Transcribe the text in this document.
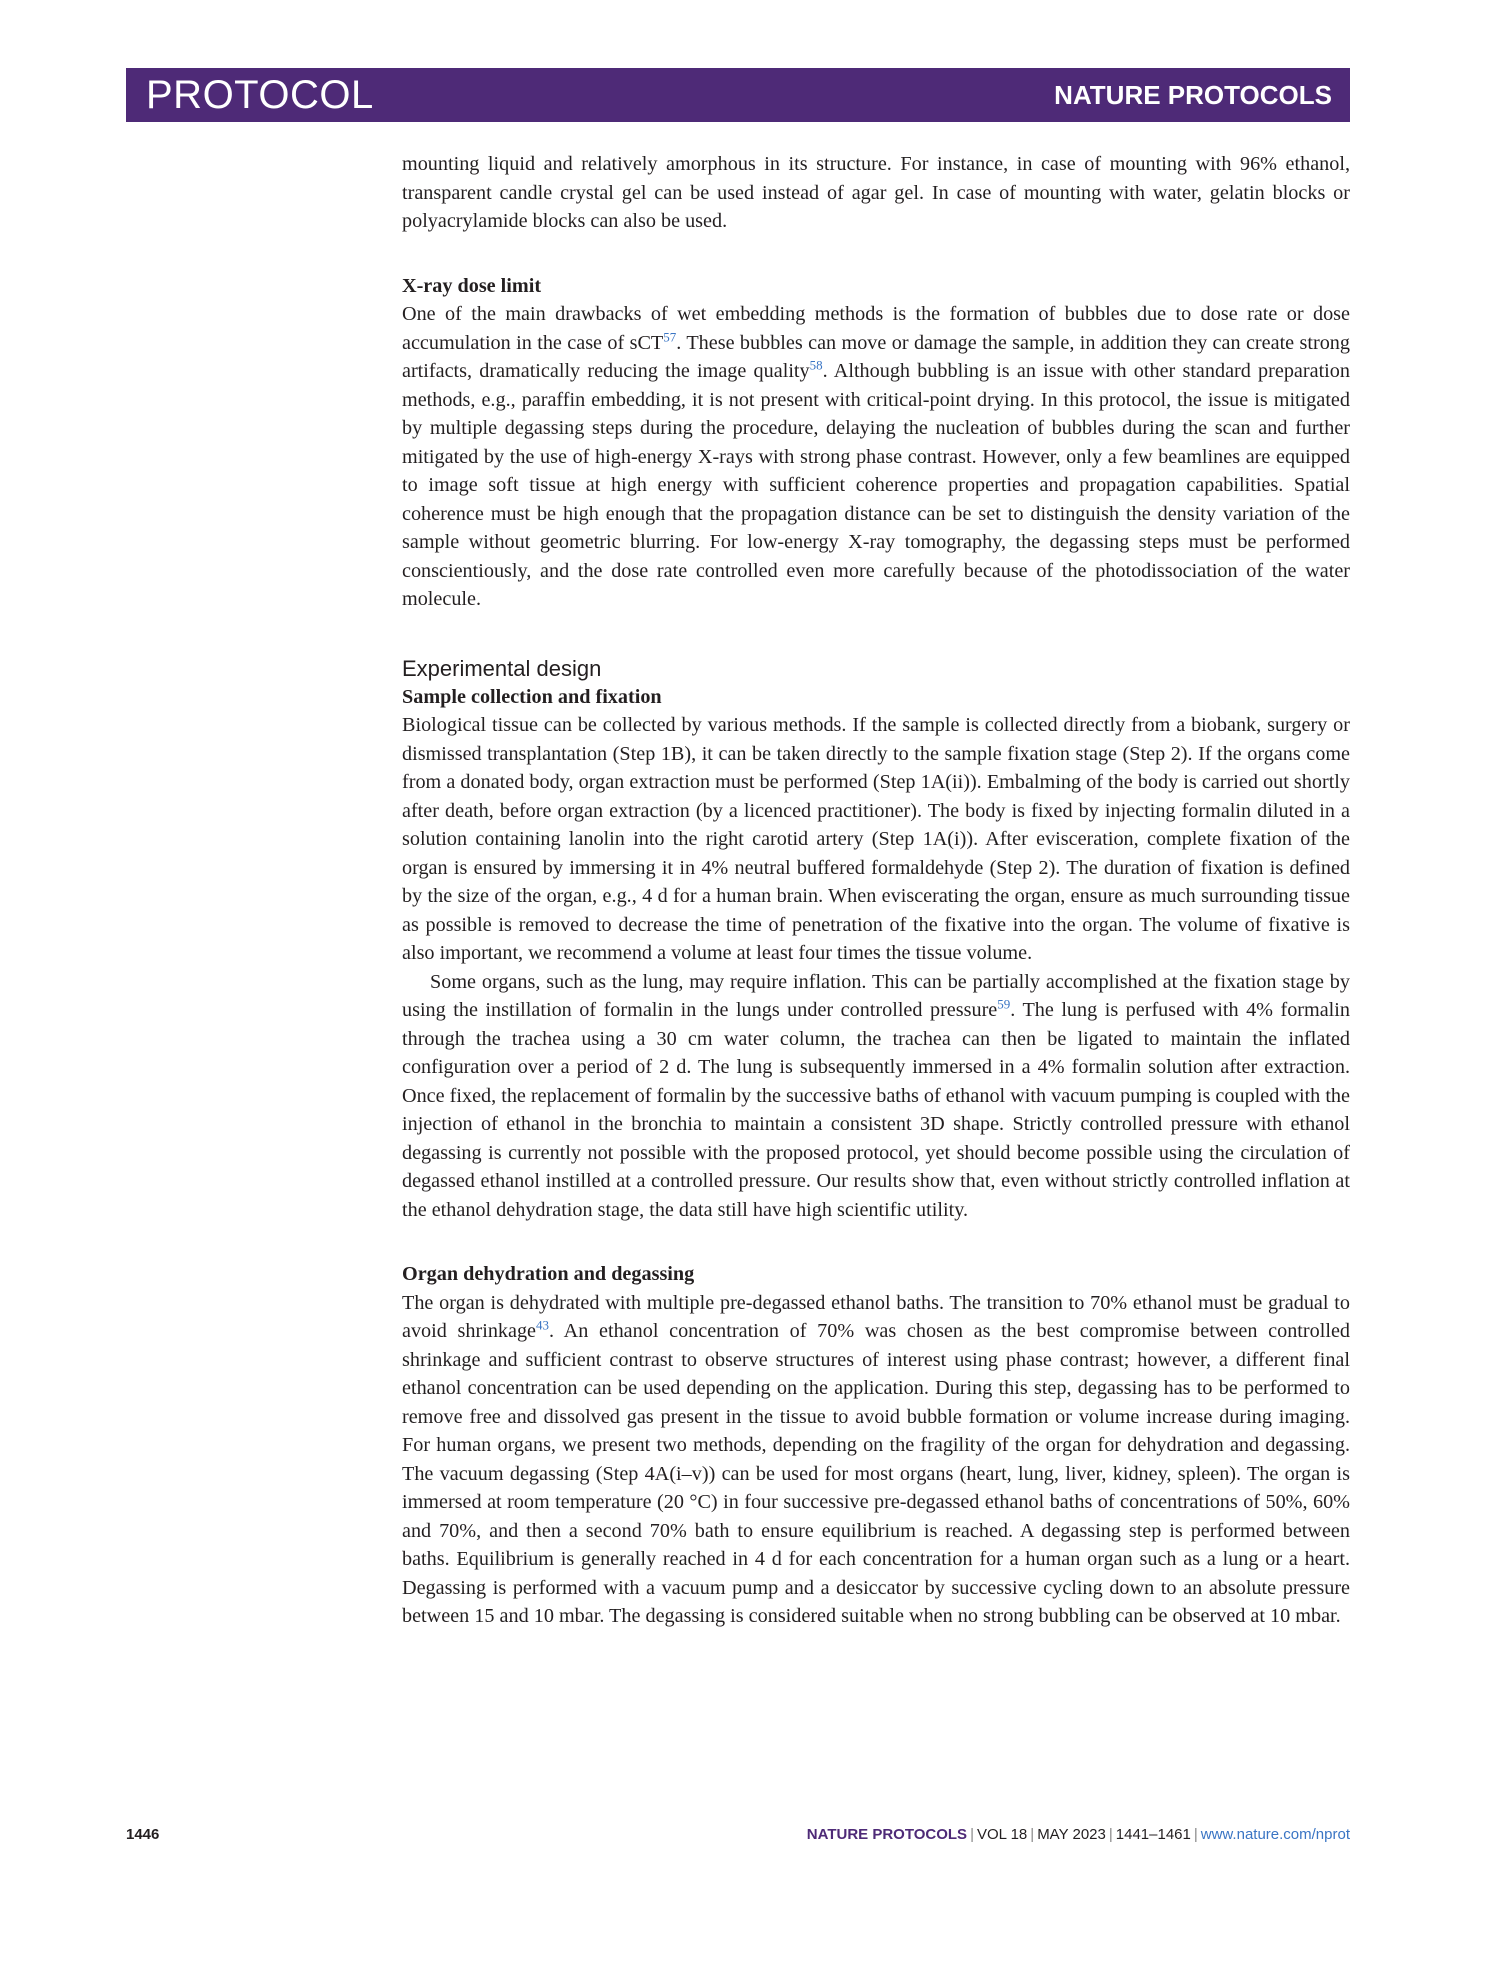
PROTOCOL	NATURE PROTOCOLS

mounting liquid and relatively amorphous in its structure. For instance, in case of mounting with 96% ethanol, transparent candle crystal gel can be used instead of agar gel. In case of mounting with water, gelatin blocks or polyacrylamide blocks can also be used.

X-ray dose limit

One of the main drawbacks of wet embedding methods is the formation of bubbles due to dose rate or dose accumulation in the case of sCT$^{57}$. These bubbles can move or damage the sample, in addition they can create strong artifacts, dramatically reducing the image quality$^{58}$. Although bubbling is an issue with other standard preparation methods, e.g., paraffin embedding, it is not present with critical-point drying. In this protocol, the issue is mitigated by multiple degassing steps during the procedure, delaying the nucleation of bubbles during the scan and further mitigated by the use of high-energy X-rays with strong phase contrast. However, only a few beamlines are equipped to image soft tissue at high energy with sufficient coherence properties and propagation capabilities. Spatial coherence must be high enough that the propagation distance can be set to distinguish the density variation of the sample without geometric blurring. For low-energy X-ray tomography, the degassing steps must be performed conscientiously, and the dose rate controlled even more carefully because of the photodissociation of the water molecule.

Experimental design

Sample collection and fixation

Biological tissue can be collected by various methods. If the sample is collected directly from a biobank, surgery or dismissed transplantation (Step 1B), it can be taken directly to the sample fixation stage (Step 2). If the organs come from a donated body, organ extraction must be performed (Step 1A(ii)). Embalming of the body is carried out shortly after death, before organ extraction (by a licenced practitioner). The body is fixed by injecting formalin diluted in a solution containing lanolin into the right carotid artery (Step 1A(i)). After evisceration, complete fixation of the organ is ensured by immersing it in 4% neutral buffered formaldehyde (Step 2). The duration of fixation is defined by the size of the organ, e.g., 4 d for a human brain. When eviscerating the organ, ensure as much surrounding tissue as possible is removed to decrease the time of penetration of the fixative into the organ. The volume of fixative is also important, we recommend a volume at least four times the tissue volume.

Some organs, such as the lung, may require inflation. This can be partially accomplished at the fixation stage by using the instillation of formalin in the lungs under controlled pressure$^{59}$. The lung is perfused with 4% formalin through the trachea using a 30 cm water column, the trachea can then be ligated to maintain the inflated configuration over a period of 2 d. The lung is subsequently immersed in a 4% formalin solution after extraction. Once fixed, the replacement of formalin by the successive baths of ethanol with vacuum pumping is coupled with the injection of ethanol in the bronchia to maintain a consistent 3D shape. Strictly controlled pressure with ethanol degassing is currently not possible with the proposed protocol, yet should become possible using the circulation of degassed ethanol instilled at a controlled pressure. Our results show that, even without strictly controlled inflation at the ethanol dehydration stage, the data still have high scientific utility.

Organ dehydration and degassing

The organ is dehydrated with multiple pre-degassed ethanol baths. The transition to 70% ethanol must be gradual to avoid shrinkage$^{43}$. An ethanol concentration of 70% was chosen as the best compromise between controlled shrinkage and sufficient contrast to observe structures of interest using phase contrast; however, a different final ethanol concentration can be used depending on the application. During this step, degassing has to be performed to remove free and dissolved gas present in the tissue to avoid bubble formation or volume increase during imaging. For human organs, we present two methods, depending on the fragility of the organ for dehydration and degassing. The vacuum degassing (Step 4A(i–v)) can be used for most organs (heart, lung, liver, kidney, spleen). The organ is immersed at room temperature (20 °C) in four successive pre-degassed ethanol baths of concentrations of 50%, 60% and 70%, and then a second 70% bath to ensure equilibrium is reached. A degassing step is performed between baths. Equilibrium is generally reached in 4 d for each concentration for a human organ such as a lung or a heart. Degassing is performed with a vacuum pump and a desiccator by successive cycling down to an absolute pressure between 15 and 10 mbar. The degassing is considered suitable when no strong bubbling can be observed at 10 mbar.

1446	NATURE PROTOCOLS | VOL 18 | MAY 2023 | 1441–1461 | www.nature.com/nprot
